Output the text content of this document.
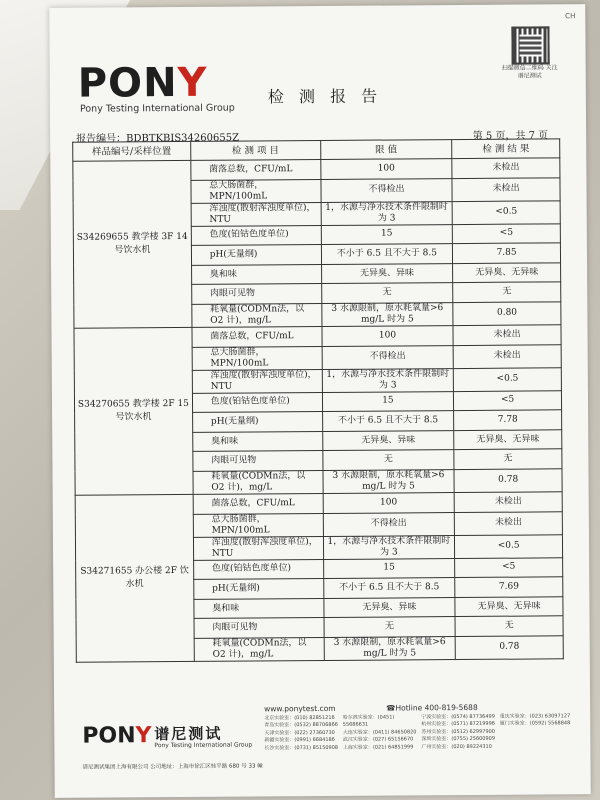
CH
扫描微信二维码 关注谱尼测试
PONY
Pony Testing International Group
检 测 报 告
报告编号：BDBTKBIS34260655Z	第 5 页，共 7 页
样品编号/采样位置	检 测 项 目	限 值	检 测 结 果
S34269655 教学楼 3F 14 号饮水机	菌落总数，CFU/mL	100	未检出
	总大肠菌群，MPN/100mL	不得检出	未检出
	浑浊度(散射浑浊度单位)，NTU	1，水源与净水技术条件限制时为 3	<0.5
	色度(铂钴色度单位)	15	<5
	pH(无量纲)	不小于 6.5 且不大于 8.5	7.85
	臭和味	无异臭、异味	无异臭、无异味
	肉眼可见物	无	无
	耗氧量(CODMn法，以 O2 计)，mg/L	3 水源限制，原水耗氧量>6 mg/L 时为 5	0.80
S34270655 教学楼 2F 15 号饮水机	菌落总数，CFU/mL	100	未检出
	总大肠菌群，MPN/100mL	不得检出	未检出
	浑浊度(散射浑浊度单位)，NTU	1，水源与净水技术条件限制时为 3	<0.5
	色度(铂钴色度单位)	15	<5
	pH(无量纲)	不小于 6.5 且不大于 8.5	7.78
	臭和味	无异臭、异味	无异臭、无异味
	肉眼可见物	无	无
	耗氧量(CODMn法，以 O2 计)，mg/L	3 水源限制，原水耗氧量>6 mg/L 时为 5	0.78
S34271655 办公楼 2F 饮水机	菌落总数，CFU/mL	100	未检出
	总大肠菌群，MPN/100mL	不得检出	未检出
	浑浊度(散射浑浊度单位)，NTU	1，水源与净水技术条件限制时为 3	<0.5
	色度(铂钴色度单位)	15	<5
	pH(无量纲)	不小于 6.5 且不大于 8.5	7.69
	臭和味	无异臭、异味	无异臭、无异味
	肉眼可见物	无	无
	耗氧量(CODMn法，以 O2 计)，mg/L	3 水源限制，原水耗氧量>6 mg/L 时为 5	0.78
www.ponytest.com	☎Hotline 400-819-5688
北京实验室：(010) 82851216
青岛实验室：(0532) 88706866
天津实验室：(022) 27360730
新疆实验室：(0991) 6684186
长沙实验室：(0731) 85150908
哈尔滨实验室：(0451) 55686631
大连实验室：(0411) 84650820
武汉实验室：(027) 65156670
上海实验室：(021) 64851999
宁波实验室：(0574) 87736499
杭州实验室：(0571) 87219996
苏州实验室：(0512) 62997900
深圳实验室：(0755) 25600909
广州实验室：(020) 89224310
重庆实验室：(023) 63097127
厦门实验室：(0592) 5568848
PONY 谱尼测试
Pony Testing International Group
谱尼测试集团上海有限公司 公司地址：上海市徐汇区桂平路 680 号 33 幢
